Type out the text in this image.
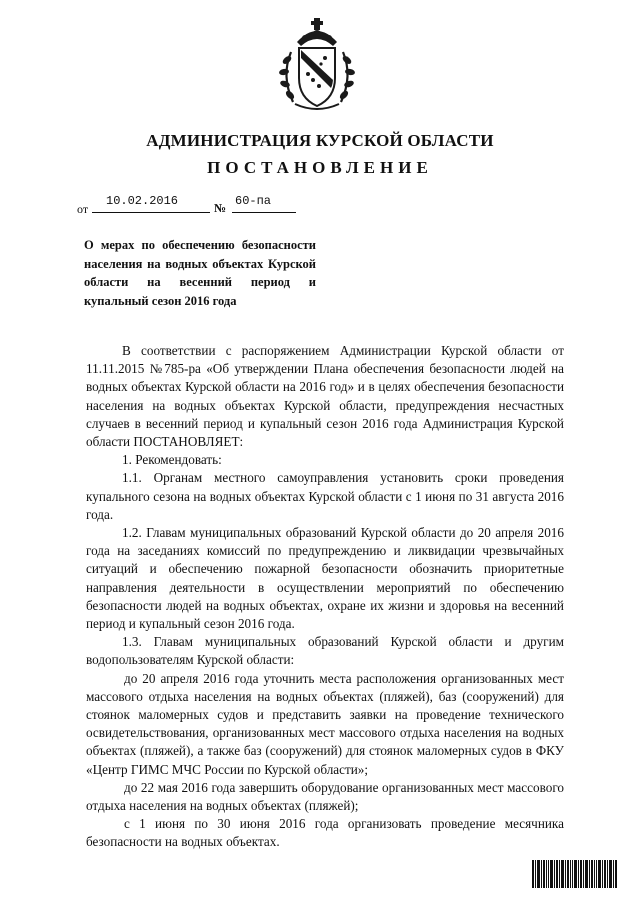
АДМИНИСТРАЦИЯ КУРСКОЙ ОБЛАСТИ
ПОСТАНОВЛЕНИЕ
от
10.02.2016	№ 60-па
О мерах по обеспечению безопасности населения на водных объектах Курской области на весенний период и купальный сезон 2016 года

В соответствии с распоряжением Администрации Курской области от 11.11.2015 №785-ра «Об утверждении Плана обеспечения безопасности людей на водных объектах Курской области на 2016 год» и в целях обеспечения безопасности населения на водных объектах Курской области, предупреждения несчастных случаев в весенний период и купальный сезон 2016 года Администрация Курской области ПОСТАНОВЛЯЕТ:

1. Рекомендовать:

1.1. Органам местного самоуправления установить сроки проведения купального сезона на водных объектах Курской области с 1 июня по 31 августа 2016 года.

1.2. Главам муниципальных образований Курской области до 20 апреля 2016 года на заседаниях комиссий по предупреждению и ликвидации чрезвычайных ситуаций и обеспечению пожарной безопасности обозначить приоритетные направления деятельности в осуществлении мероприятий по обеспечению безопасности людей на водных объектах, охране их жизни и здоровья на весенний период и купальный сезон 2016 года.

1.3. Главам муниципальных образований Курской области и другим водопользователям Курской области:

до 20 апреля 2016 года уточнить места расположения организованных мест массового отдыха населения на водных объектах (пляжей), баз (сооружений) для стоянок маломерных судов и представить заявки на проведение технического освидетельствования, организованных мест массового отдыха населения на водных объектах (пляжей), а также баз (сооружений) для стоянок маломерных судов в ФКУ «Центр ГИМС МЧС России по Курской области»;

до 22 мая 2016 года завершить оборудование организованных мест массового отдыха населения на водных объектах (пляжей);

с 1 июня по 30 июня 2016 года организовать проведение месячника безопасности на водных объектах.
